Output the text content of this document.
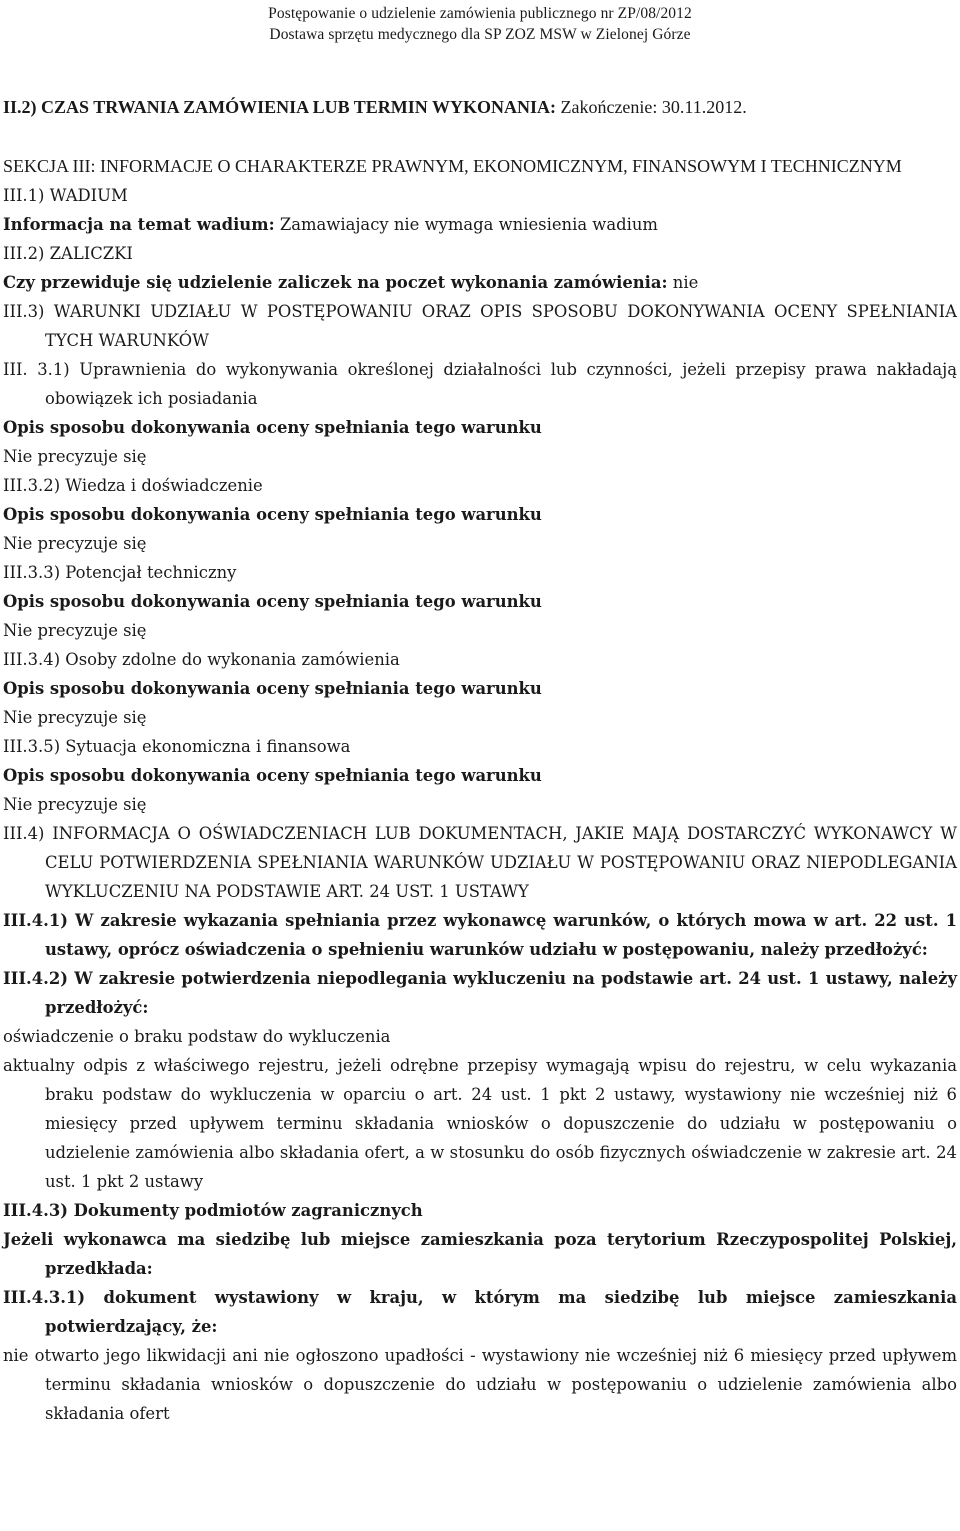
Postępowanie o udzielenie zamówienia publicznego nr ZP/08/2012
Dostawa sprzętu medycznego dla SP ZOZ MSW w Zielonej Górze

II.2) CZAS TRWANIA ZAMÓWIENIA LUB TERMIN WYKONANIA: Zakończenie: 30.11.2012.

SEKCJA III: INFORMACJE O CHARAKTERZE PRAWNYM, EKONOMICZNYM, FINANSOWYM I TECHNICZNYM

III.1) WADIUM

Informacja na temat wadium: Zamawiajacy nie wymaga wniesienia wadium

III.2) ZALICZKI

Czy przewiduje się udzielenie zaliczek na poczet wykonania zamówienia: nie

III.3) WARUNKI UDZIAŁU W POSTĘPOWANIU ORAZ OPIS SPOSOBU DOKONYWANIA OCENY SPEŁNIANIA TYCH WARUNKÓW

III. 3.1) Uprawnienia do wykonywania określonej działalności lub czynności, jeżeli przepisy prawa nakładają obowiązek ich posiadania

Opis sposobu dokonywania oceny spełniania tego warunku

Nie precyzuje się

III.3.2) Wiedza i doświadczenie

Opis sposobu dokonywania oceny spełniania tego warunku

Nie precyzuje się

III.3.3) Potencjał techniczny

Opis sposobu dokonywania oceny spełniania tego warunku

Nie precyzuje się

III.3.4) Osoby zdolne do wykonania zamówienia

Opis sposobu dokonywania oceny spełniania tego warunku

Nie precyzuje się

III.3.5) Sytuacja ekonomiczna i finansowa

Opis sposobu dokonywania oceny spełniania tego warunku

Nie precyzuje się

III.4) INFORMACJA O OŚWIADCZENIACH LUB DOKUMENTACH, JAKIE MAJĄ DOSTARCZYĆ WYKONAWCY W CELU POTWIERDZENIA SPEŁNIANIA WARUNKÓW UDZIAŁU W POSTĘPOWANIU ORAZ NIEPODLEGANIA WYKLUCZENIU NA PODSTAWIE ART. 24 UST. 1 USTAWY

III.4.1) W zakresie wykazania spełniania przez wykonawcę warunków, o których mowa w art. 22 ust. 1 ustawy, oprócz oświadczenia o spełnieniu warunków udziału w postępowaniu, należy przedłożyć:

III.4.2) W zakresie potwierdzenia niepodlegania wykluczeniu na podstawie art. 24 ust. 1 ustawy, należy przedłożyć:

oświadczenie o braku podstaw do wykluczenia

aktualny odpis z właściwego rejestru, jeżeli odrębne przepisy wymagają wpisu do rejestru, w celu wykazania braku podstaw do wykluczenia w oparciu o art. 24 ust. 1 pkt 2 ustawy, wystawiony nie wcześniej niż 6 miesięcy przed upływem terminu składania wniosków o dopuszczenie do udziału w postępowaniu o udzielenie zamówienia albo składania ofert, a w stosunku do osób fizycznych oświadczenie w zakresie art. 24 ust. 1 pkt 2 ustawy

III.4.3) Dokumenty podmiotów zagranicznych

Jeżeli wykonawca ma siedzibę lub miejsce zamieszkania poza terytorium Rzeczypospolitej Polskiej, przedkłada:

III.4.3.1) dokument wystawiony w kraju, w którym ma siedzibę lub miejsce zamieszkania potwierdzający, że:

nie otwarto jego likwidacji ani nie ogłoszono upadłości - wystawiony nie wcześniej niż 6 miesięcy przed upływem terminu składania wniosków o dopuszczenie do udziału w postępowaniu o udzielenie zamówienia albo składania ofert
